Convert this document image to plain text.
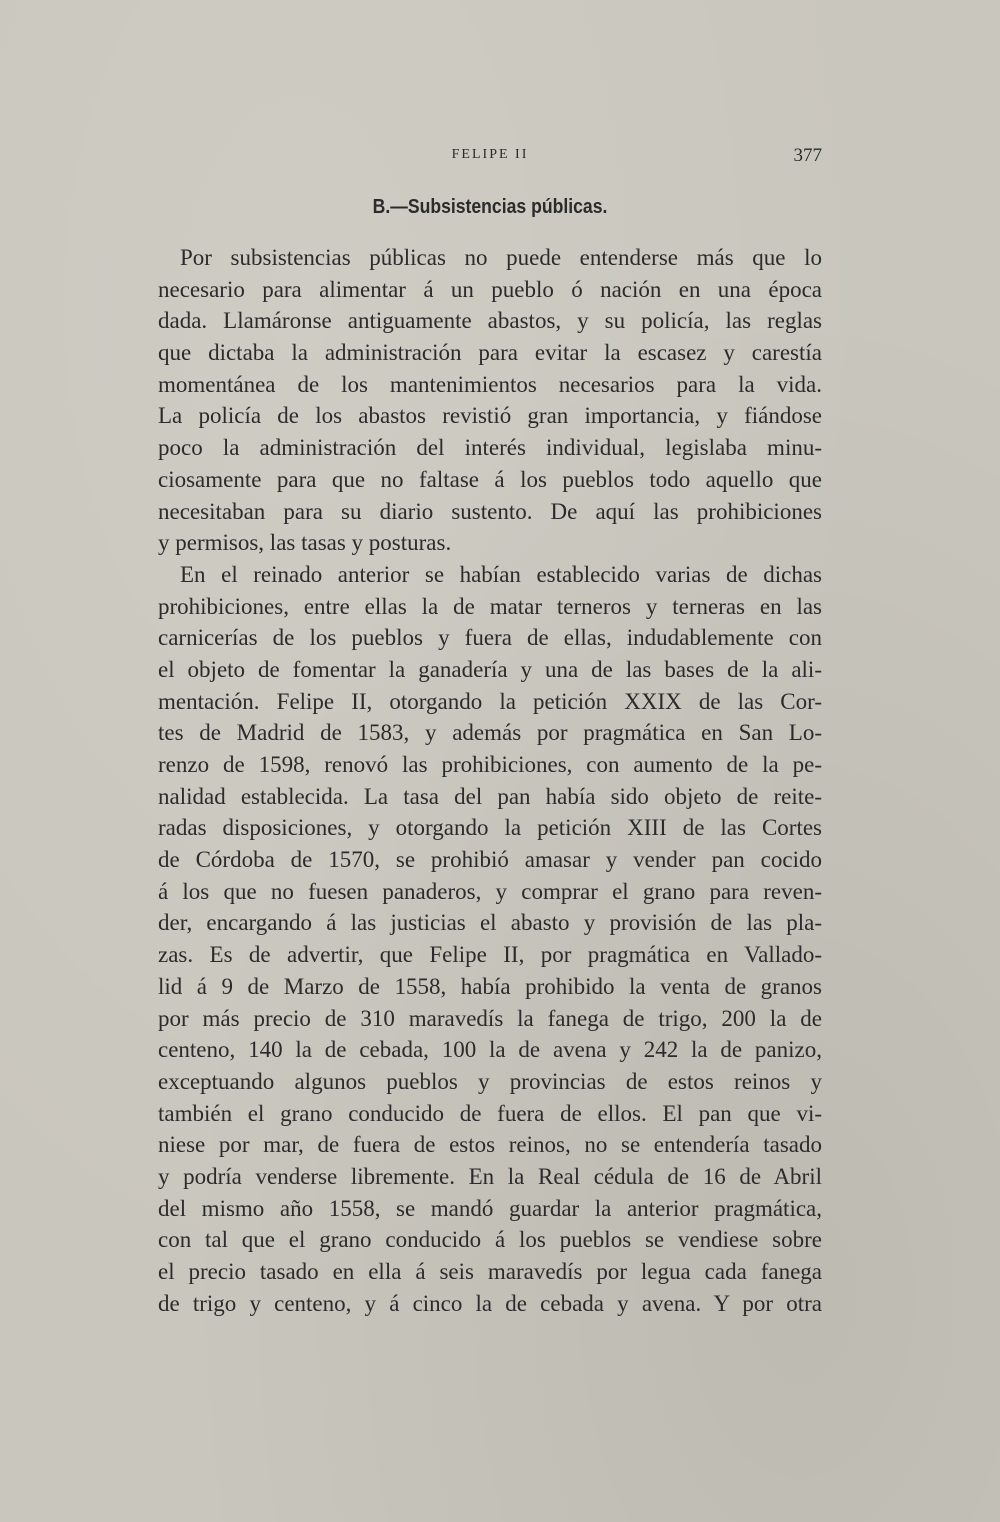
FELIPE II	377
B.—Subsistencias públicas.
Por subsistencias públicas no puede entenderse más que lo
necesario para alimentar á un pueblo ó nación en una época
dada. Llamáronse antiguamente abastos, y su policía, las reglas
que dictaba la administración para evitar la escasez y carestía
momentánea de los mantenimientos necesarios para la vida.
La policía de los abastos revistió gran importancia, y fiándose
poco la administración del interés individual, legislaba minu-
ciosamente para que no faltase á los pueblos todo aquello que
necesitaban para su diario sustento. De aquí las prohibiciones
y permisos, las tasas y posturas.
En el reinado anterior se habían establecido varias de dichas
prohibiciones, entre ellas la de matar terneros y terneras en las
carnicerías de los pueblos y fuera de ellas, indudablemente con
el objeto de fomentar la ganadería y una de las bases de la ali-
mentación. Felipe II, otorgando la petición XXIX de las Cor-
tes de Madrid de 1583, y además por pragmática en San Lo-
renzo de 1598, renovó las prohibiciones, con aumento de la pe-
nalidad establecida. La tasa del pan había sido objeto de reite-
radas disposiciones, y otorgando la petición XIII de las Cortes
de Córdoba de 1570, se prohibió amasar y vender pan cocido
á los que no fuesen panaderos, y comprar el grano para reven-
der, encargando á las justicias el abasto y provisión de las pla-
zas. Es de advertir, que Felipe II, por pragmática en Vallado-
lid á 9 de Marzo de 1558, había prohibido la venta de granos
por más precio de 310 maravedís la fanega de trigo, 200 la de
centeno, 140 la de cebada, 100 la de avena y 242 la de panizo,
exceptuando algunos pueblos y provincias de estos reinos y
también el grano conducido de fuera de ellos. El pan que vi-
niese por mar, de fuera de estos reinos, no se entendería tasado
y podría venderse libremente. En la Real cédula de 16 de Abril
del mismo año 1558, se mandó guardar la anterior pragmática,
con tal que el grano conducido á los pueblos se vendiese sobre
el precio tasado en ella á seis maravedís por legua cada fanega
de trigo y centeno, y á cinco la de cebada y avena. Y por otra
